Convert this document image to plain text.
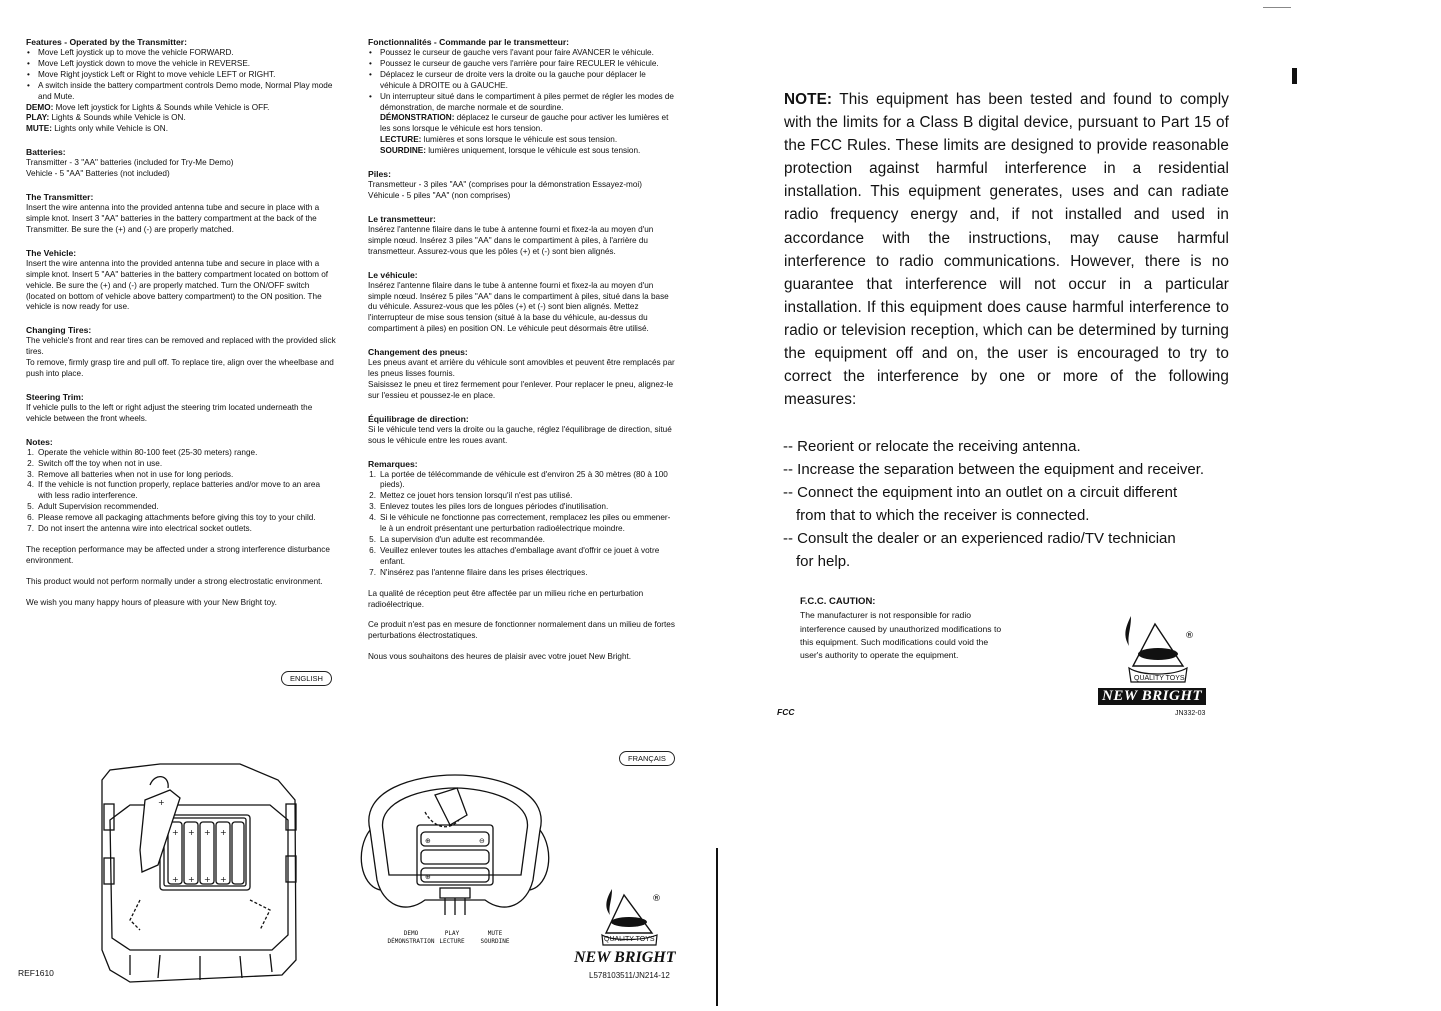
Features - Operated by the Transmitter:
• Move Left joystick up to move the vehicle FORWARD.
• Move Left joystick down to move the vehicle in REVERSE.
• Move Right joystick Left or Right to move vehicle LEFT or RIGHT.
• A switch inside the battery compartment controls Demo mode, Normal Play mode and Mute.
DEMO: Move left joystick for Lights & Sounds while Vehicle is OFF.
PLAY: Lights & Sounds while Vehicle is ON.
MUTE: Lights only while Vehicle is ON.
Batteries:
Transmitter - 3 "AA" batteries (included for Try-Me Demo)
Vehicle - 5 "AA" Batteries (not included)
The Transmitter:
Insert the wire antenna into the provided antenna tube and secure in place with a simple knot. Insert 3 "AA" batteries in the battery compartment at the back of the Transmitter. Be sure the (+) and (-) are properly matched.
The Vehicle:
Insert the wire antenna into the provided antenna tube and secure in place with a simple knot. Insert 5 "AA" batteries in the battery compartment located on bottom of vehicle. Be sure the (+) and (-) are properly matched. Turn the ON/OFF switch (located on bottom of vehicle above battery compartment) to the ON position. The vehicle is now ready for use.
Changing Tires:
The vehicle's front and rear tires can be removed and replaced with the provided slick tires.
To remove, firmly grasp tire and pull off. To replace tire, align over the wheelbase and push into place.
Steering Trim:
If vehicle pulls to the left or right adjust the steering trim located underneath the vehicle between the front wheels.
Notes:
1. Operate the vehicle within 80-100 feet (25-30 meters) range.
2. Switch off the toy when not in use.
3. Remove all batteries when not in use for long periods.
4. If the vehicle is not function properly, replace batteries and/or move to an area with less radio interference.
5. Adult Supervision recommended.
6. Please remove all packaging attachments before giving this toy to your child.
7. Do not insert the antenna wire into electrical socket outlets.

The reception performance may be affected under a strong interference disturbance environment.

This product would not perform normally under a strong electrostatic environment.

We wish you many happy hours of pleasure with your New Bright toy.

ENGLISH
+
+ + + +
+ + + +
REF1610
Fonctionnalités - Commande par le transmetteur:
• Poussez le curseur de gauche vers l'avant pour faire AVANCER le véhicule.
• Poussez le curseur de gauche vers l'arrière pour faire RECULER le véhicule.
• Déplacez le curseur de droite vers la droite ou la gauche pour déplacer le véhicule à DROITE ou à GAUCHE.
• Un interrupteur situé dans le compartiment à piles permet de régler les modes de démonstration, de marche normale et de sourdine.
DÉMONSTRATION: déplacez le curseur de gauche pour activer les lumières et les sons lorsque le véhicule est hors tension.
LECTURE: lumières et sons lorsque le véhicule est sous tension.
SOURDINE: lumières uniquement, lorsque le véhicule est sous tension.
Piles:
Transmetteur - 3 piles "AA" (comprises pour la démonstration Essayez-moi)
Véhicule - 5 piles "AA" (non comprises)
Le transmetteur:
Insérez l'antenne filaire dans le tube à antenne fourni et fixez-la au moyen d'un simple nœud. Insérez 3 piles "AA" dans le compartiment à piles, à l'arrière du transmetteur. Assurez-vous que les pôles (+) et (-) sont bien alignés.
Le véhicule:
Insérez l'antenne filaire dans le tube à antenne fourni et fixez-la au moyen d'un simple nœud. Insérez 5 piles "AA" dans le compartiment à piles, situé dans la base du véhicule. Assurez-vous que les pôles (+) et (-) sont bien alignés. Mettez l'interrupteur de mise sous tension (situé à la base du véhicule, au-dessus du compartiment à piles) en position ON. Le véhicule peut désormais être utilisé.
Changement des pneus:
Les pneus avant et arrière du véhicule sont amovibles et peuvent être remplacés par les pneus lisses fournis.
Saisissez le pneu et tirez fermement pour l'enlever. Pour replacer le pneu, alignez-le sur l'essieu et poussez-le en place.
Équilibrage de direction:
Si le véhicule tend vers la droite ou la gauche, réglez l'équilibrage de direction, situé sous le véhicule entre les roues avant.
Remarques:
1. La portée de télécommande de véhicule est d'environ 25 à 30 mètres (80 à 100 pieds).
2. Mettez ce jouet hors tension lorsqu'il n'est pas utilisé.
3. Enlevez toutes les piles lors de longues périodes d'inutilisation.
4. Si le véhicule ne fonctionne pas correctement, remplacez les piles ou emmener-le à un endroit présentant une perturbation radioélectrique moindre.
5. La supervision d'un adulte est recommandée.
6. Veuillez enlever toutes les attaches d'emballage avant d'offrir ce jouet à votre enfant.
7. N'insérez pas l'antenne filaire dans les prises électriques.

La qualité de réception peut être affectée par un milieu riche en perturbation radioélectrique.

Ce produit n'est pas en mesure de fonctionner normalement dans un milieu de fortes perturbations électrostatiques.

Nous vous souhaitons des heures de plaisir avec votre jouet New Bright.

FRANÇAIS
⊕
⊕
⊖
DEMO
DÉMONSTRATION
PLAY
LECTURE
MUTE
SOURDINE
®
QUALITY TOYS
NEW BRIGHT
L578103511/JN214-12
NOTE: This equipment has been tested and found to comply with the limits for a Class B digital device, pursuant to Part 15 of the FCC Rules. These limits are designed to provide reasonable protection against harmful interference in a residential installation. This equipment generates, uses and can radiate radio frequency energy and, if not installed and used in accordance with the instructions, may cause harmful interference to radio communications. However, there is no guarantee that interference will not occur in a particular installation. If this equipment does cause harmful interference to radio or television reception, which can be determined by turning the equipment off and on, the user is encouraged to try to correct the interference by one or more of the following measures:
-- Reorient or relocate the receiving antenna.
-- Increase the separation between the equipment and receiver.
-- Connect the equipment into an outlet on a circuit different
from that to which the receiver is connected.
-- Consult the dealer or an experienced radio/TV technician
for help.
F.C.C. CAUTION:
The manufacturer is not responsible for radio interference caused by unauthorized modifications to this equipment. Such modifications could void the user's authority to operate the equipment.
FCC
®
QUALITY TOYS
NEW BRIGHT
JN332-03
